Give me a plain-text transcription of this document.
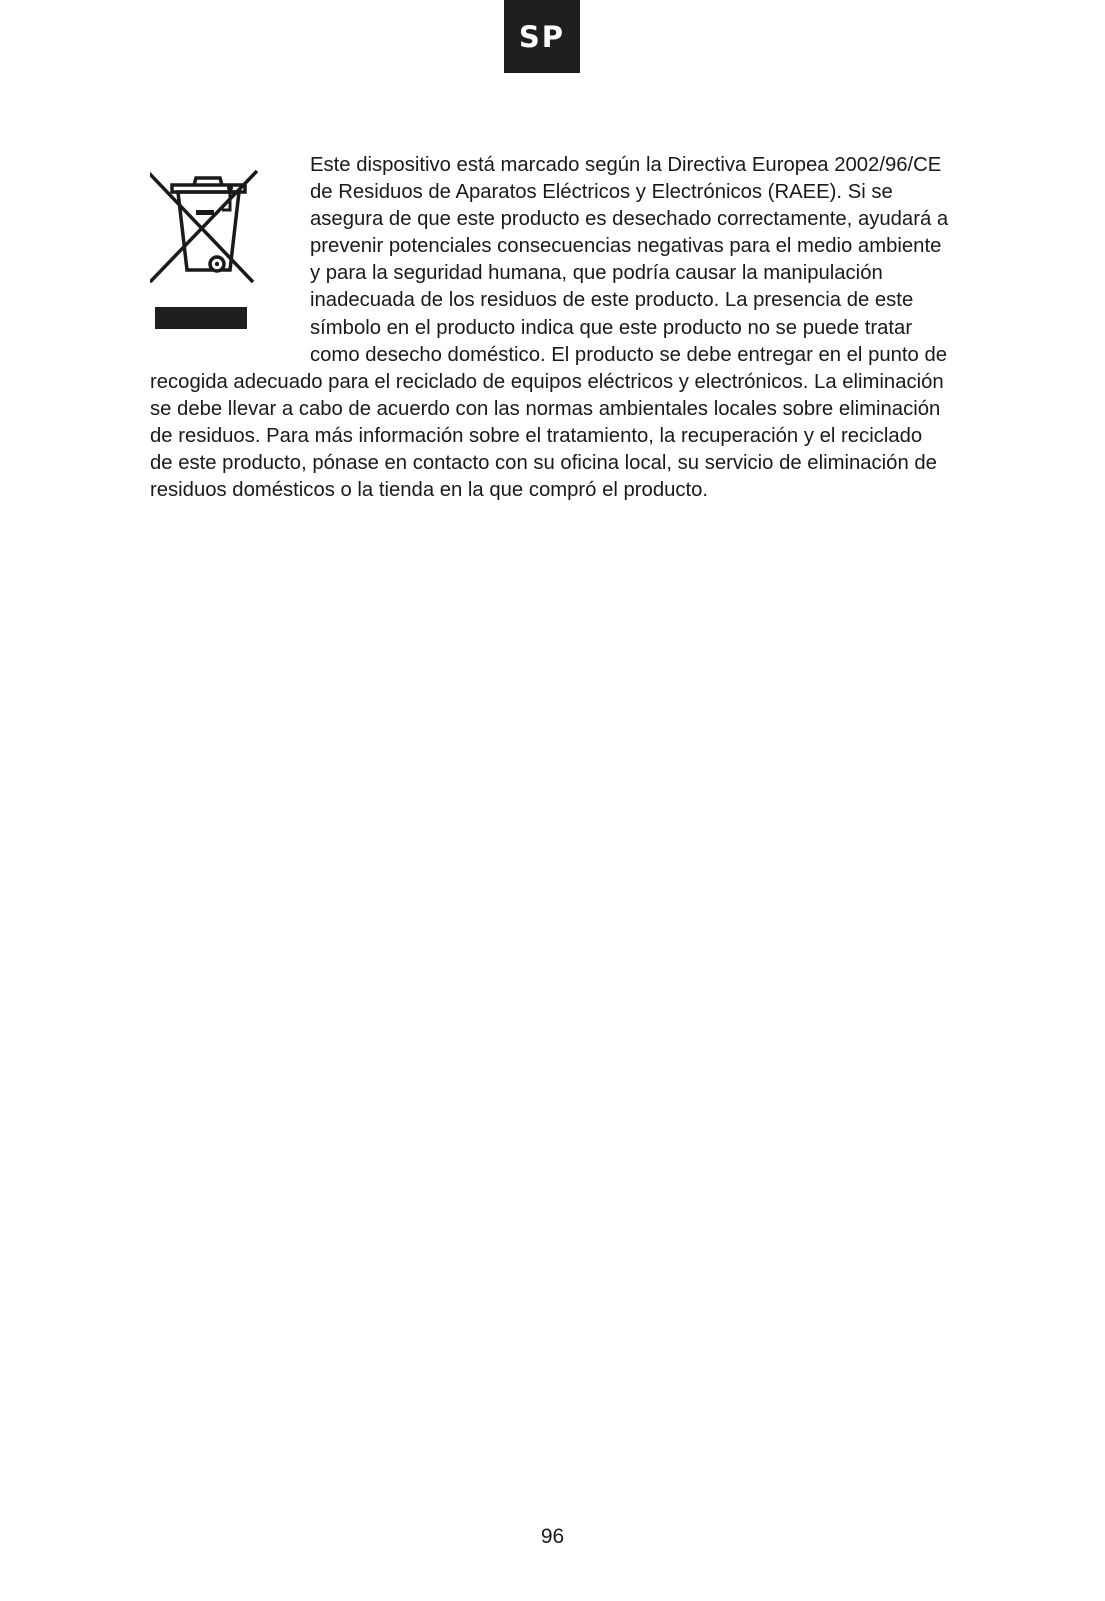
SP

Este dispositivo está marcado según la Directiva Europea 2002/96/CE de Residuos de Aparatos Eléctricos y Electrónicos (RAEE). Si se asegura de que este producto es desechado correctamente, ayudará a prevenir potenciales consecuencias negativas para el medio ambiente y para la seguridad humana, que podría causar la manipulación inadecuada de los residuos de este producto. La presencia de este símbolo en el producto indica que este producto no se puede tratar como desecho doméstico. El producto se debe entregar en el punto de recogida adecuado para el reciclado de equipos eléctricos y electrónicos. La eliminación se debe llevar a cabo de acuerdo con las normas ambientales locales sobre eliminación de residuos. Para más información sobre el tratamiento, la recuperación y el reciclado de este producto, pónase en contacto con su oficina local, su servicio de eliminación de residuos domésticos o la tienda en la que compró el producto.

96
